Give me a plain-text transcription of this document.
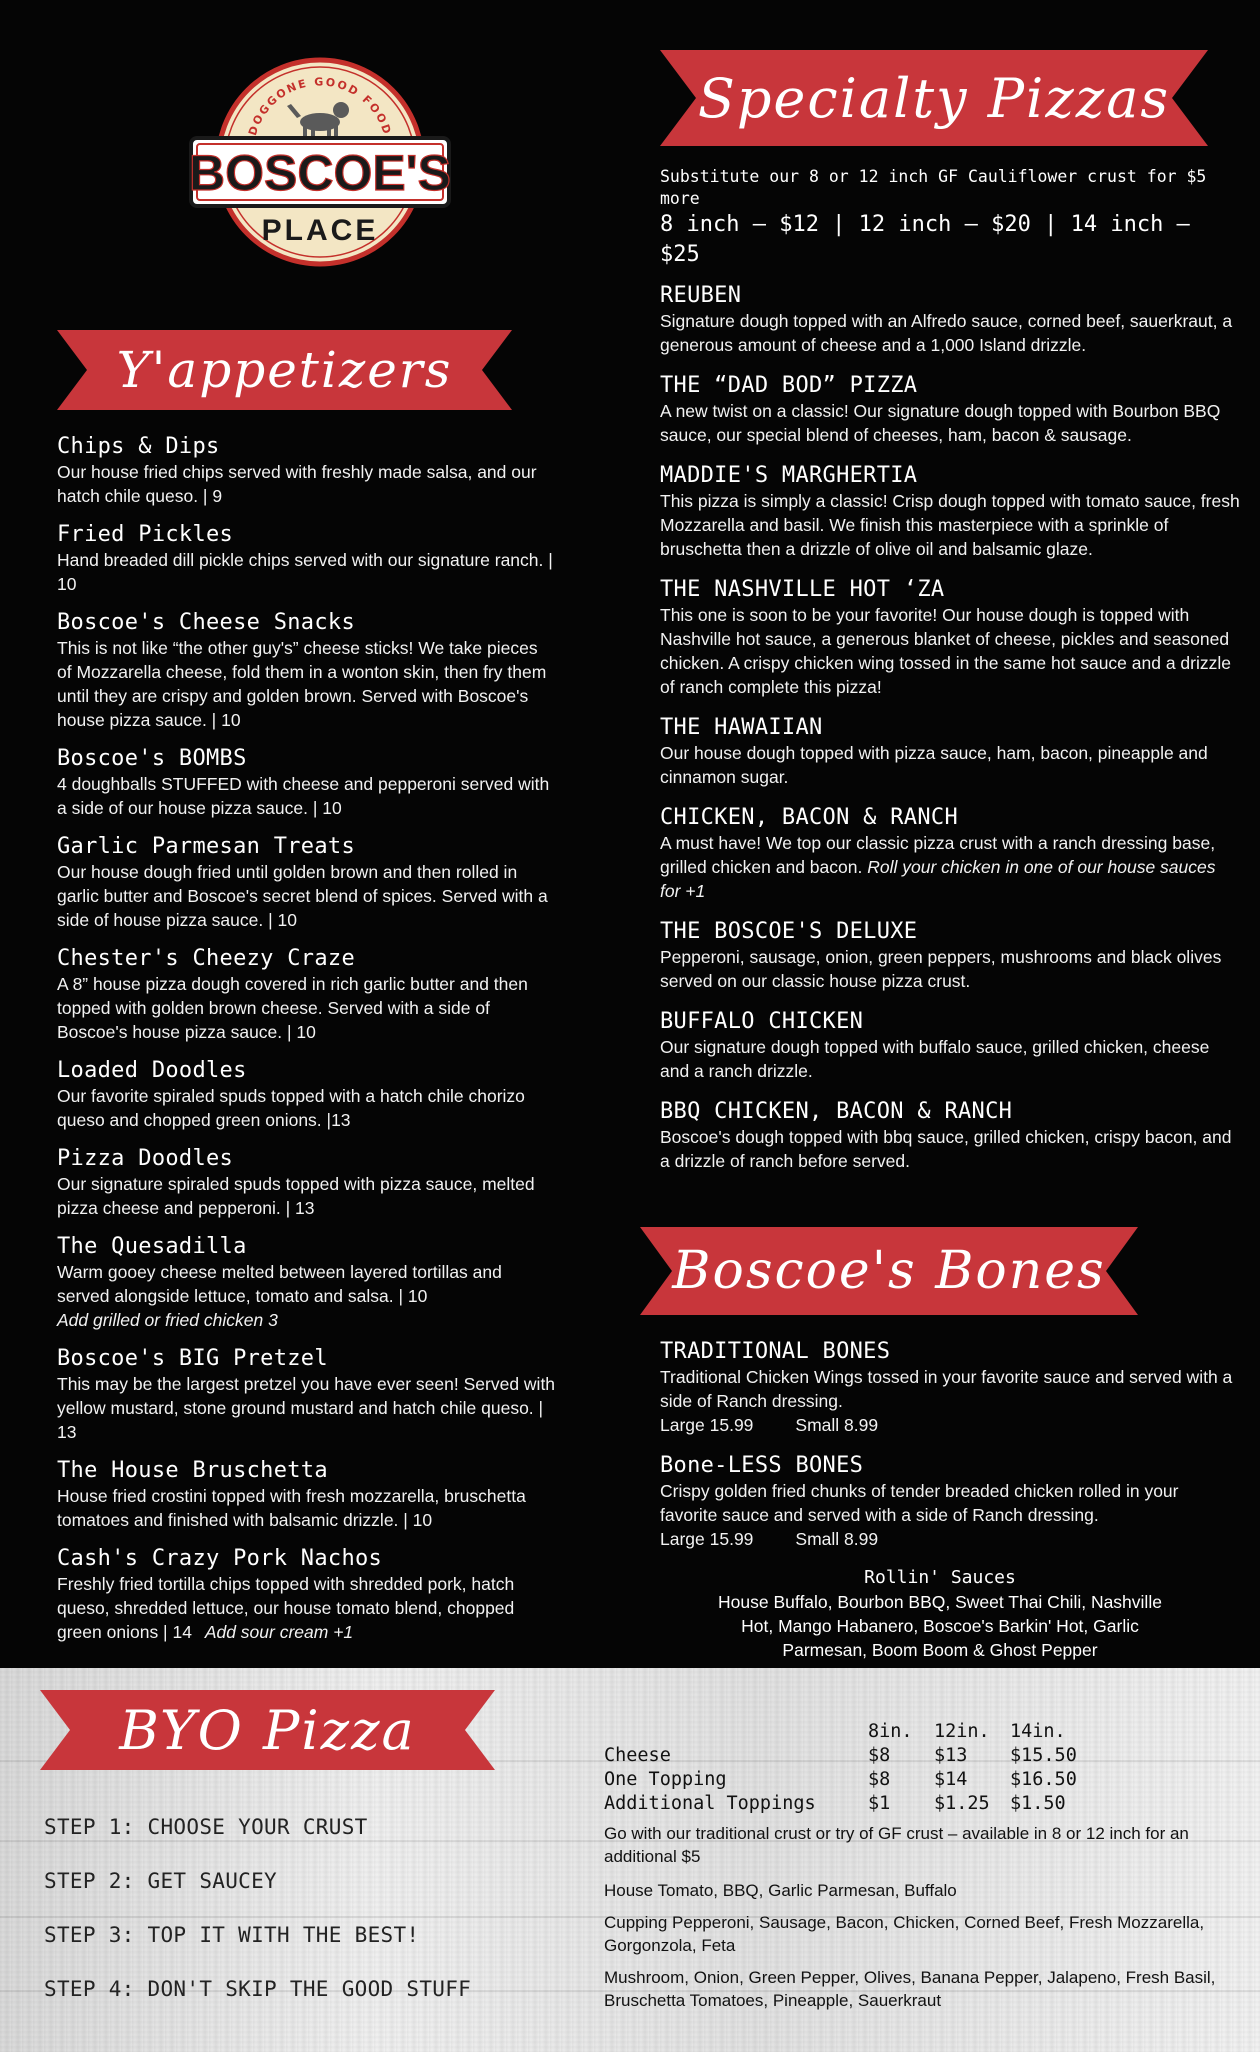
DOGGONE GOOD FOOD
BOSCOE'S
PLACE
Y'appetizers
Chips & Dips
Our house fried chips served with freshly made salsa, and our hatch chile queso. | 9
Fried Pickles
Hand breaded dill pickle chips served with our signature ranch. | 10
Boscoe's Cheese Snacks
This is not like “the other guy's” cheese sticks! We take pieces of Mozzarella cheese, fold them in a wonton skin, then fry them until they are crispy and golden brown. Served with Boscoe's house pizza sauce. | 10
Boscoe's BOMBS
4 doughballs STUFFED with cheese and pepperoni served with a side of our house pizza sauce. | 10
Garlic Parmesan Treats
Our house dough fried until golden brown and then rolled in garlic butter and Boscoe's secret blend of spices. Served with a side of house pizza sauce. | 10
Chester's Cheezy Craze
A 8” house pizza dough covered in rich garlic butter and then topped with golden brown cheese. Served with a side of Boscoe's house pizza sauce. | 10
Loaded Doodles
Our favorite spiraled spuds topped with a hatch chile chorizo queso and chopped green onions. |13
Pizza Doodles
Our signature spiraled spuds topped with pizza sauce, melted pizza cheese and pepperoni. | 13
The Quesadilla
Warm gooey cheese melted between layered tortillas and served alongside lettuce, tomato and salsa. | 10
Add grilled or fried chicken 3
Boscoe's BIG Pretzel
This may be the largest pretzel you have ever seen! Served with yellow mustard, stone ground mustard and hatch chile queso. | 13
The House Bruschetta
House fried crostini topped with fresh mozzarella, bruschetta tomatoes and finished with balsamic drizzle. | 10
Cash's Crazy Pork Nachos
Freshly fried tortilla chips topped with shredded pork, hatch queso, shredded lettuce, our house tomato blend, chopped green onions | 14 Add sour cream +1
Specialty Pizzas
Substitute our 8 or 12 inch GF Cauliflower crust for $5 more
8 inch – $12 | 12 inch – $20 | 14 inch – $25
REUBEN
Signature dough topped with an Alfredo sauce, corned beef, sauerkraut, a generous amount of cheese and a 1,000 Island drizzle.
THE “DAD BOD” PIZZA
A new twist on a classic! Our signature dough topped with Bourbon BBQ sauce, our special blend of cheeses, ham, bacon & sausage.
MADDIE'S MARGHERTIA
This pizza is simply a classic! Crisp dough topped with tomato sauce, fresh Mozzarella and basil. We finish this masterpiece with a sprinkle of bruschetta then a drizzle of olive oil and balsamic glaze.
THE NASHVILLE HOT ‘ZA
This one is soon to be your favorite! Our house dough is topped with Nashville hot sauce, a generous blanket of cheese, pickles and seasoned chicken. A crispy chicken wing tossed in the same hot sauce and a drizzle of ranch complete this pizza!
THE HAWAIIAN
Our house dough topped with pizza sauce, ham, bacon, pineapple and cinnamon sugar.
CHICKEN, BACON & RANCH
A must have! We top our classic pizza crust with a ranch dressing base, grilled chicken and bacon. Roll your chicken in one of our house sauces for +1
THE BOSCOE'S DELUXE
Pepperoni, sausage, onion, green peppers, mushrooms and black olives served on our classic house pizza crust.
BUFFALO CHICKEN
Our signature dough topped with buffalo sauce, grilled chicken, cheese and a ranch drizzle.
BBQ CHICKEN, BACON & RANCH
Boscoe's dough topped with bbq sauce, grilled chicken, crispy bacon, and a drizzle of ranch before served.
Boscoe's Bones
TRADITIONAL BONES
Traditional Chicken Wings tossed in your favorite sauce and served with a side of Ranch dressing.
Large 15.99 Small 8.99
Bone-LESS BONES
Crispy golden fried chunks of tender breaded chicken rolled in your favorite sauce and served with a side of Ranch dressing.
Large 15.99 Small 8.99
Rollin' Sauces
House Buffalo, Bourbon BBQ, Sweet Thai Chili, Nashville Hot, Mango Habanero, Boscoe's Barkin' Hot, Garlic Parmesan, Boom Boom & Ghost Pepper
BYO Pizza
STEP 1: CHOOSE YOUR CRUST
STEP 2: GET SAUCEY
STEP 3: TOP IT WITH THE BEST!
STEP 4: DON'T SKIP THE GOOD STUFF
	8in.	12in.	14in.
Cheese	$8	$13	$15.50
One Topping	$8	$14	$16.50
Additional Toppings	$1	$1.25	$1.50
Go with our traditional crust or try of GF crust – available in 8 or 12 inch for an additional $5
House Tomato, BBQ, Garlic Parmesan, Buffalo
Cupping Pepperoni, Sausage, Bacon, Chicken, Corned Beef, Fresh Mozzarella, Gorgonzola, Feta
Mushroom, Onion, Green Pepper, Olives, Banana Pepper, Jalapeno, Fresh Basil, Bruschetta Tomatoes, Pineapple, Sauerkraut
